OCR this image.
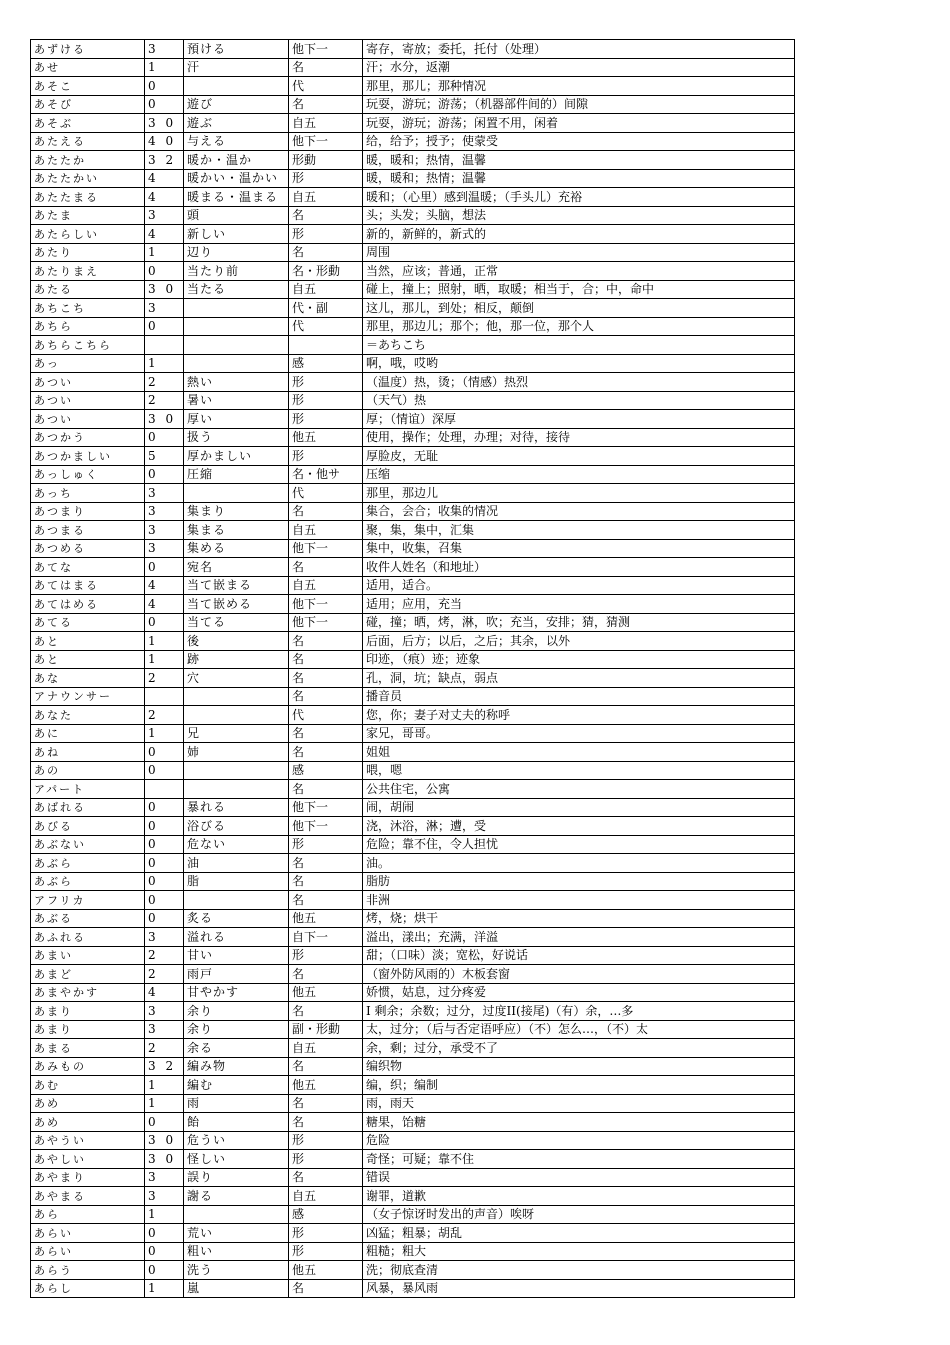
あずける	3	預ける	他下一	寄存，寄放；委托，托付（处理）
あせ	1	汗	名	汗；水分，返潮
あそこ	0		代	那里，那儿；那种情况
あそび	0	遊び	名	玩耍，游玩；游荡；（机器部件间的）间隙
あそぶ	3 0	遊ぶ	自五	玩耍，游玩；游荡；闲置不用，闲着
あたえる	4 0	与える	他下一	给，给予；授予；使蒙受
あたたか	3 2	暖か・温か	形動	暖，暖和；热情，温馨
あたたかい	4	暖かい・温かい	形	暖，暖和；热情；温馨
あたたまる	4	暖まる・温まる	自五	暖和；（心里）感到温暖；（手头儿）充裕
あたま	3	頭	名	头；头发；头脑，想法
あたらしい	4	新しい	形	新的，新鲜的，新式的
あたり	1	辺り	名	周围
あたりまえ	0	当たり前	名・形動	当然，应该；普通，正常
あたる	3 0	当たる	自五	碰上，撞上；照射，晒，取暖；相当于，合；中，命中
あちこち	3		代・副	这儿，那儿，到处；相反，颠倒
あちら	0		代	那里，那边儿；那个；他，那一位，那个人
あちらこちら				＝あちこち
あっ	1		感	啊，哦，哎哟
あつい	2	熱い	形	（温度）热，烫；（情感）热烈
あつい	2	暑い	形	（天气）热
あつい	3 0	厚い	形	厚；（情谊）深厚
あつかう	0	扱う	他五	使用，操作；处理，办理；对待，接待
あつかましい	5	厚かましい	形	厚脸皮，无耻
あっしゅく	0	圧縮	名・他サ	压缩
あっち	3		代	那里，那边儿
あつまり	3	集まり	名	集合，会合；收集的情况
あつまる	3	集まる	自五	聚，集，集中，汇集
あつめる	3	集める	他下一	集中，收集，召集
あてな	0	宛名	名	收件人姓名（和地址）
あてはまる	4	当て嵌まる	自五	适用，适合。
あてはめる	4	当て嵌める	他下一	适用；应用，充当
あてる	0	当てる	他下一	碰，撞；晒，烤，淋，吹；充当，安排；猜，猜测
あと	1	後	名	后面，后方；以后，之后；其余，以外
あと	1	跡	名	印迹，（痕）迹；迹象
あな	2	穴	名	孔，洞，坑；缺点，弱点
アナウンサー			名	播音员
あなた	2		代	您，你；妻子对丈夫的称呼
あに	1	兄	名	家兄，哥哥。
あね	0	姉	名	姐姐
あの	0		感	喂，嗯
アパート			名	公共住宅，公寓
あばれる	0	暴れる	他下一	闹，胡闹
あびる	0	浴びる	他下一	浇，沐浴，淋；遭，受
あぶない	0	危ない	形	危险；靠不住，令人担忧
あぶら	0	油	名	油。
あぶら	0	脂	名	脂肪
アフリカ	0		名	非洲
あぶる	0	炙る	他五	烤，烧；烘干
あふれる	3	溢れる	自下一	溢出，漾出；充满，洋溢
あまい	2	甘い	形	甜；（口味）淡；宽松，好说话
あまど	2	雨戸	名	（窗外防风雨的）木板套窗
あまやかす	4	甘やかす	他五	娇惯，姑息，过分疼爱
あまり	3	余り	名	I 剩余；余数；过分，过度II(接尾)（有）余，…多
あまり	3	余り	副・形動	太，过分；（后与否定语呼应）（不）怎么…，（不）太
あまる	2	余る	自五	余，剩；过分，承受不了
あみもの	3 2	編み物	名	编织物
あむ	1	編む	他五	编，织；编制
あめ	1	雨	名	雨，雨天
あめ	0	飴	名	糖果，饴糖
あやうい	3 0	危うい	形	危险
あやしい	3 0	怪しい	形	奇怪；可疑；靠不住
あやまり	3	誤り	名	错误
あやまる	3	謝る	自五	谢罪，道歉
あら	1		感	（女子惊讶时发出的声音）唉呀
あらい	0	荒い	形	凶猛；粗暴；胡乱
あらい	0	粗い	形	粗糙；粗大
あらう	0	洗う	他五	洗；彻底查清
あらし	1	嵐	名	风暴，暴风雨
